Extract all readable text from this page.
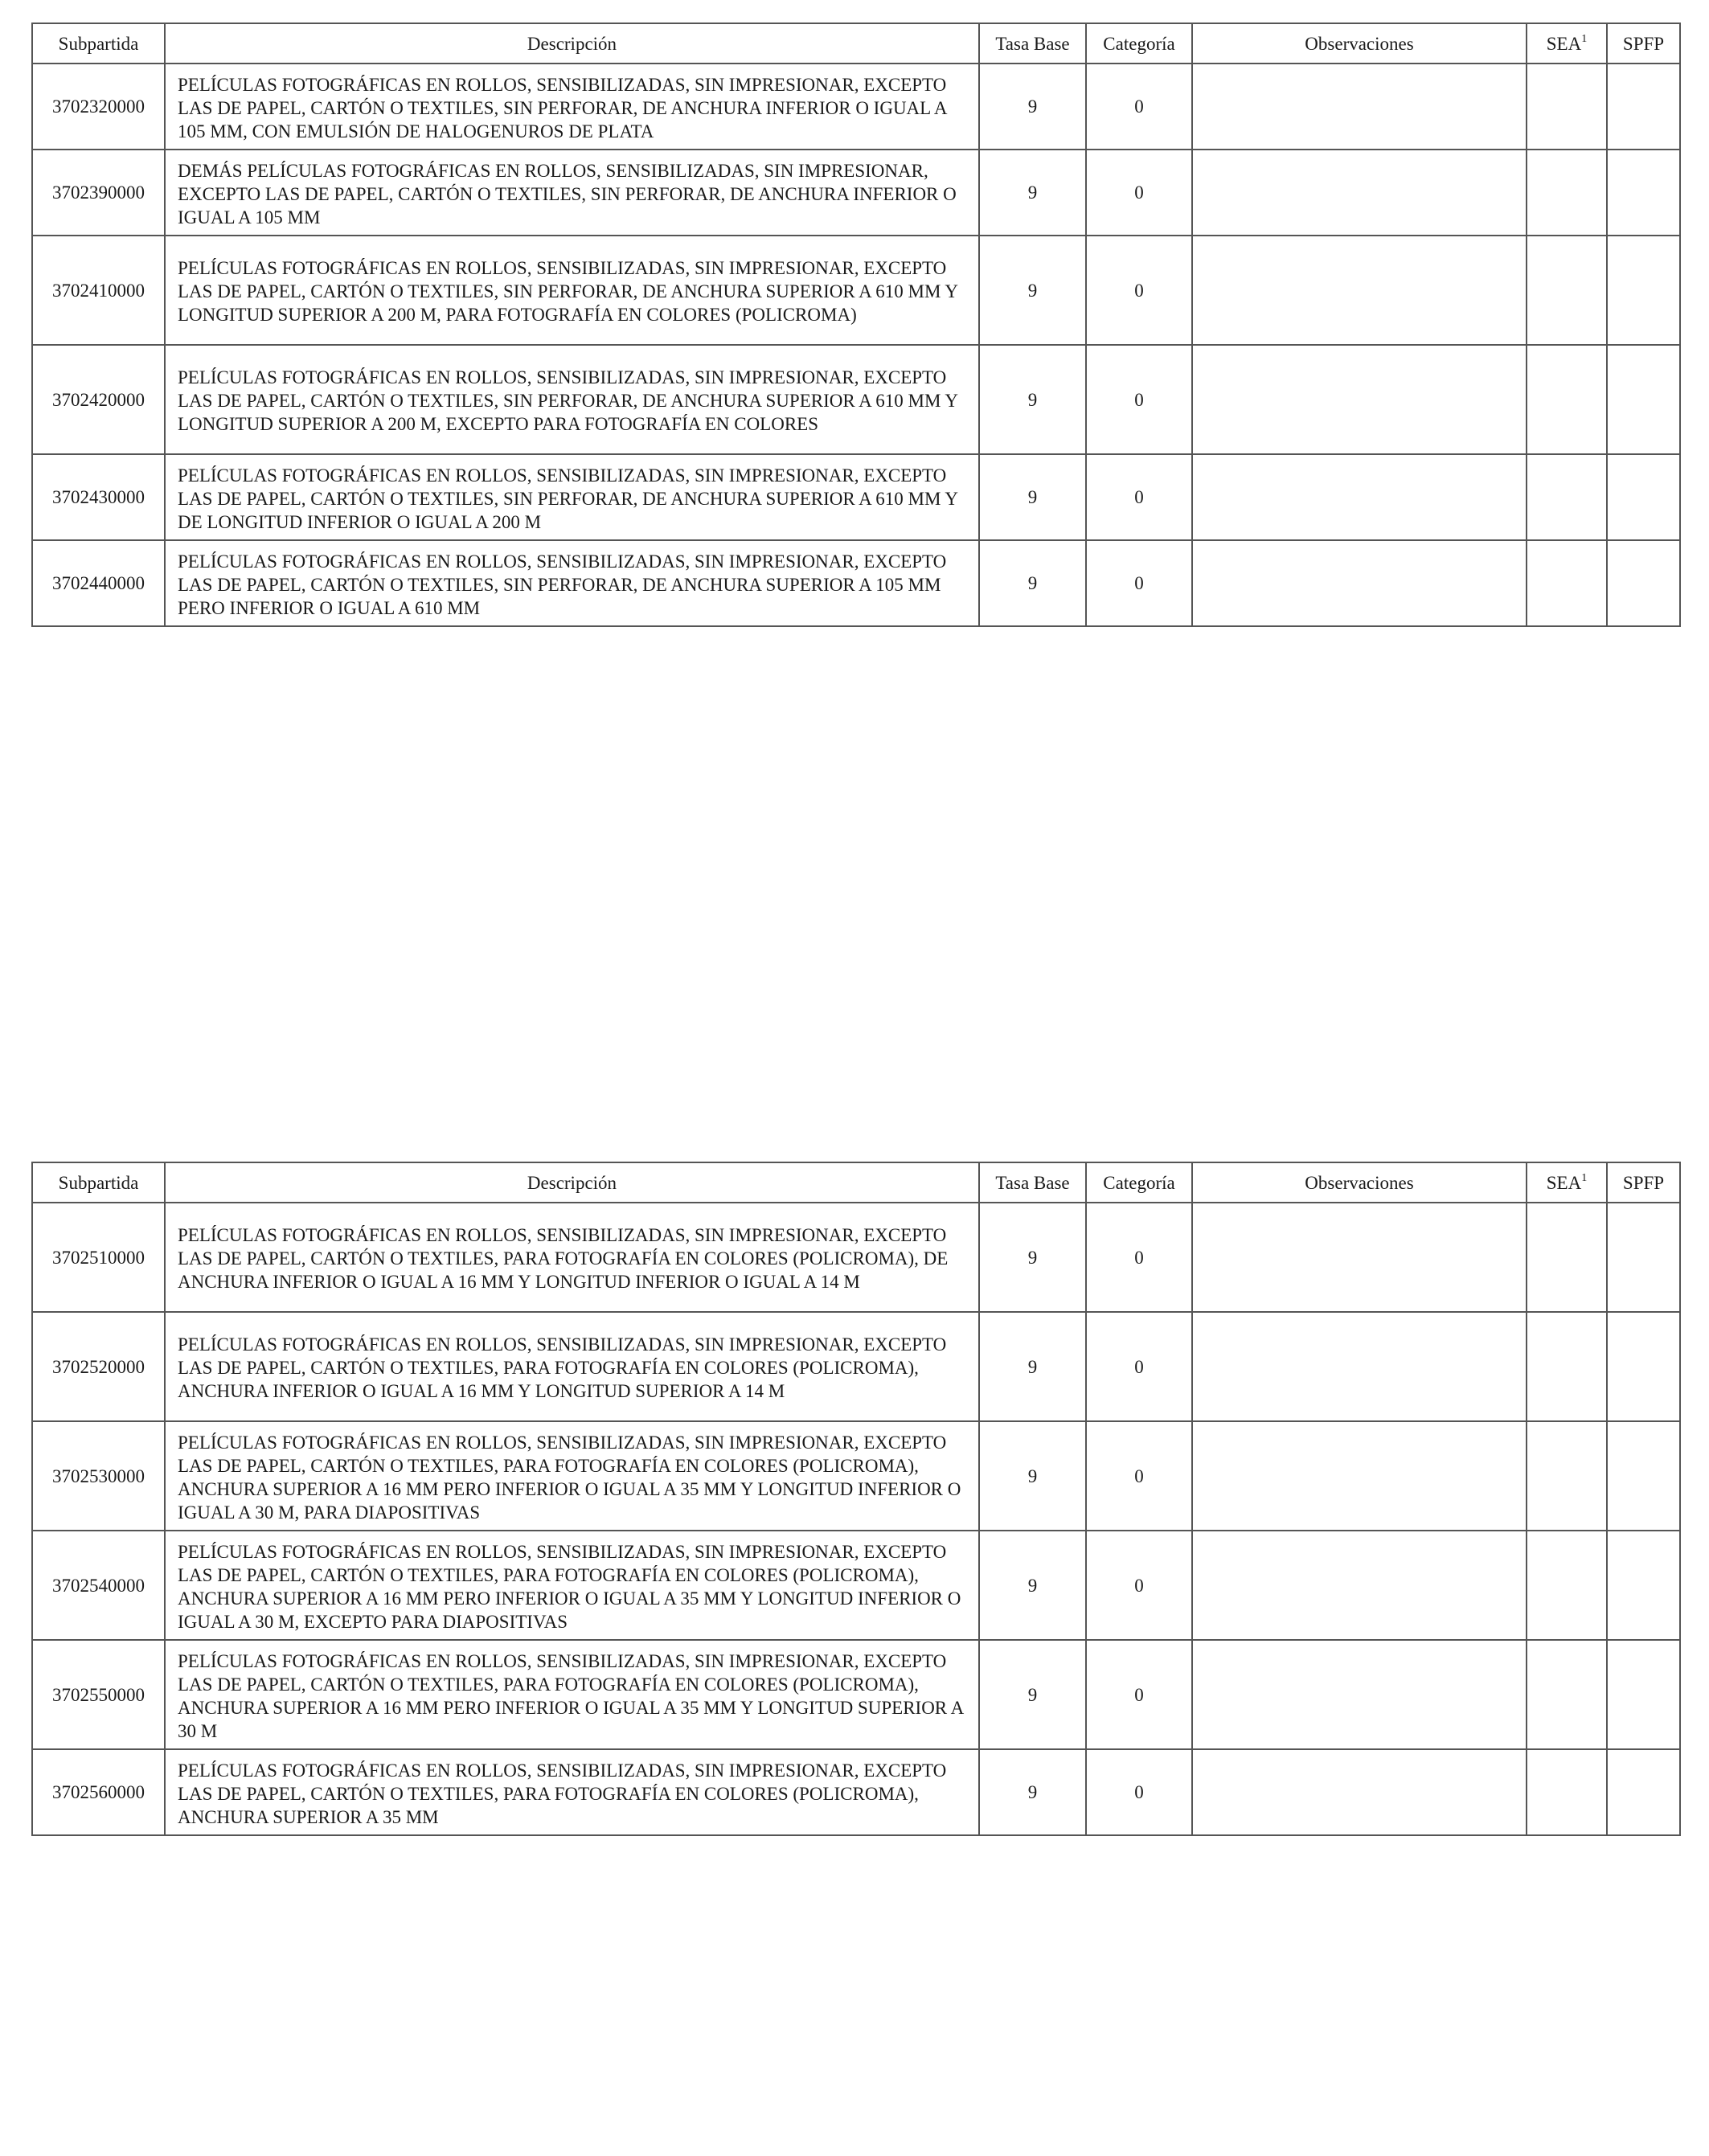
Subpartida	Descripción	Tasa Base	Categoría	Observaciones	SEA$^1$	SPFP
3702320000	PELÍCULAS FOTOGRÁFICAS EN ROLLOS, SENSIBILIZADAS, SIN IMPRESIONAR, EXCEPTO LAS DE PAPEL, CARTÓN O TEXTILES, SIN PERFORAR, DE ANCHURA INFERIOR O IGUAL A 105 MM, CON EMULSIÓN DE HALOGENUROS DE PLATA	9	0			
3702390000	DEMÁS PELÍCULAS FOTOGRÁFICAS EN ROLLOS, SENSIBILIZADAS, SIN IMPRESIONAR, EXCEPTO LAS DE PAPEL, CARTÓN O TEXTILES, SIN PERFORAR, DE ANCHURA INFERIOR O IGUAL A 105 MM	9	0			
3702410000	PELÍCULAS FOTOGRÁFICAS EN ROLLOS, SENSIBILIZADAS, SIN IMPRESIONAR, EXCEPTO LAS DE PAPEL, CARTÓN O TEXTILES, SIN PERFORAR, DE ANCHURA SUPERIOR A 610 MM Y LONGITUD SUPERIOR A 200 M, PARA FOTOGRAFÍA EN COLORES (POLICROMA)	9	0			
3702420000	PELÍCULAS FOTOGRÁFICAS EN ROLLOS, SENSIBILIZADAS, SIN IMPRESIONAR, EXCEPTO LAS DE PAPEL, CARTÓN O TEXTILES, SIN PERFORAR, DE ANCHURA SUPERIOR A 610 MM Y LONGITUD SUPERIOR A 200 M, EXCEPTO PARA FOTOGRAFÍA EN COLORES	9	0			
3702430000	PELÍCULAS FOTOGRÁFICAS EN ROLLOS, SENSIBILIZADAS, SIN IMPRESIONAR, EXCEPTO LAS DE PAPEL, CARTÓN O TEXTILES, SIN PERFORAR, DE ANCHURA SUPERIOR A 610 MM Y DE LONGITUD INFERIOR O IGUAL A 200 M	9	0			
3702440000	PELÍCULAS FOTOGRÁFICAS EN ROLLOS, SENSIBILIZADAS, SIN IMPRESIONAR, EXCEPTO LAS DE PAPEL, CARTÓN O TEXTILES, SIN PERFORAR, DE ANCHURA SUPERIOR A 105 MM PERO INFERIOR O IGUAL A 610 MM	9	0			
Subpartida	Descripción	Tasa Base	Categoría	Observaciones	SEA$^1$	SPFP
3702510000	PELÍCULAS FOTOGRÁFICAS EN ROLLOS, SENSIBILIZADAS, SIN IMPRESIONAR, EXCEPTO LAS DE PAPEL, CARTÓN O TEXTILES, PARA FOTOGRAFÍA EN COLORES (POLICROMA), DE ANCHURA INFERIOR O IGUAL A 16 MM Y LONGITUD INFERIOR O IGUAL A 14 M	9	0			
3702520000	PELÍCULAS FOTOGRÁFICAS EN ROLLOS, SENSIBILIZADAS, SIN IMPRESIONAR, EXCEPTO LAS DE PAPEL, CARTÓN O TEXTILES, PARA FOTOGRAFÍA EN COLORES (POLICROMA), ANCHURA INFERIOR O IGUAL A 16 MM Y LONGITUD SUPERIOR A 14 M	9	0			
3702530000	PELÍCULAS FOTOGRÁFICAS EN ROLLOS, SENSIBILIZADAS, SIN IMPRESIONAR, EXCEPTO LAS DE PAPEL, CARTÓN O TEXTILES, PARA FOTOGRAFÍA EN COLORES (POLICROMA), ANCHURA SUPERIOR A 16 MM PERO INFERIOR O IGUAL A 35 MM Y LONGITUD INFERIOR O IGUAL A 30 M, PARA DIAPOSITIVAS	9	0			
3702540000	PELÍCULAS FOTOGRÁFICAS EN ROLLOS, SENSIBILIZADAS, SIN IMPRESIONAR, EXCEPTO LAS DE PAPEL, CARTÓN O TEXTILES, PARA FOTOGRAFÍA EN COLORES (POLICROMA), ANCHURA SUPERIOR A 16 MM PERO INFERIOR O IGUAL A 35 MM Y LONGITUD INFERIOR O IGUAL A 30 M, EXCEPTO PARA DIAPOSITIVAS	9	0			
3702550000	PELÍCULAS FOTOGRÁFICAS EN ROLLOS, SENSIBILIZADAS, SIN IMPRESIONAR, EXCEPTO LAS DE PAPEL, CARTÓN O TEXTILES, PARA FOTOGRAFÍA EN COLORES (POLICROMA), ANCHURA SUPERIOR A 16 MM PERO INFERIOR O IGUAL A 35 MM Y LONGITUD SUPERIOR A 30 M	9	0			
3702560000	PELÍCULAS FOTOGRÁFICAS EN ROLLOS, SENSIBILIZADAS, SIN IMPRESIONAR, EXCEPTO LAS DE PAPEL, CARTÓN O TEXTILES, PARA FOTOGRAFÍA EN COLORES (POLICROMA), ANCHURA SUPERIOR A 35 MM	9	0			
